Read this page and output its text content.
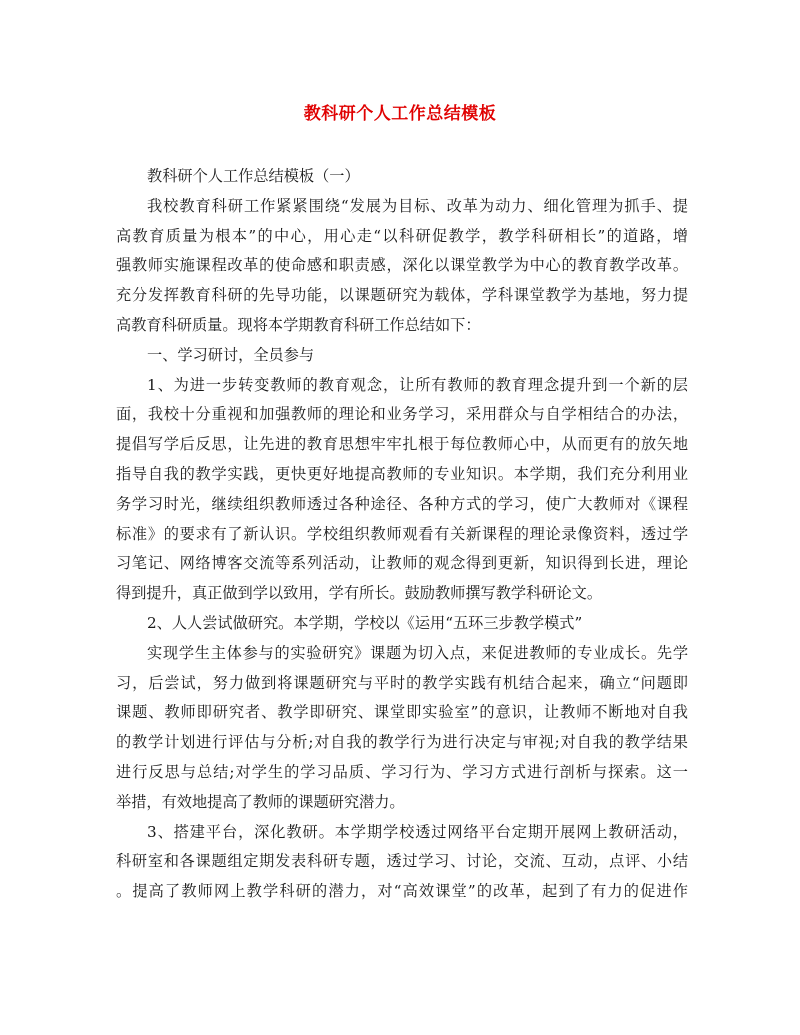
教科研个人工作总结模板
教科研个人工作总结模板（一）
我校教育科研工作紧紧围绕“发展为目标、改革为动力、细化管理为抓手、提
高教育质量为根本”的中心，用心走“以科研促教学，教学科研相长”的道路，增
强教师实施课程改革的使命感和职责感，深化以课堂教学为中心的教育教学改革。
充分发挥教育科研的先导功能，以课题研究为载体，学科课堂教学为基地，努力提
高教育科研质量。现将本学期教育科研工作总结如下：
一、学习研讨，全员参与
1、为进一步转变教师的教育观念，让所有教师的教育理念提升到一个新的层
面，我校十分重视和加强教师的理论和业务学习，采用群众与自学相结合的办法，
提倡写学后反思，让先进的教育思想牢牢扎根于每位教师心中，从而更有的放矢地
指导自我的教学实践，更快更好地提高教师的专业知识。本学期，我们充分利用业
务学习时光，继续组织教师透过各种途径、各种方式的学习，使广大教师对《课程
标准》的要求有了新认识。学校组织教师观看有关新课程的理论录像资料，透过学
习笔记、网络博客交流等系列活动，让教师的观念得到更新，知识得到长进，理论
得到提升，真正做到学以致用，学有所长。鼓励教师撰写教学科研论文。
2、人人尝试做研究。本学期，学校以《运用“五环三步教学模式”
实现学生主体参与的实验研究》课题为切入点，来促进教师的专业成长。先学
习，后尝试，努力做到将课题研究与平时的教学实践有机结合起来，确立“问题即
课题、教师即研究者、教学即研究、课堂即实验室”的意识，让教师不断地对自我
的教学计划进行评估与分析;对自我的教学行为进行决定与审视;对自我的教学结果
进行反思与总结;对学生的学习品质、学习行为、学习方式进行剖析与探索。这一
举措，有效地提高了教师的课题研究潜力。
3、搭建平台，深化教研。本学期学校透过网络平台定期开展网上教研活动，
科研室和各课题组定期发表科研专题，透过学习、讨论，交流、互动，点评、小结
。提高了教师网上教学科研的潜力，对“高效课堂”的改革，起到了有力的促进作
